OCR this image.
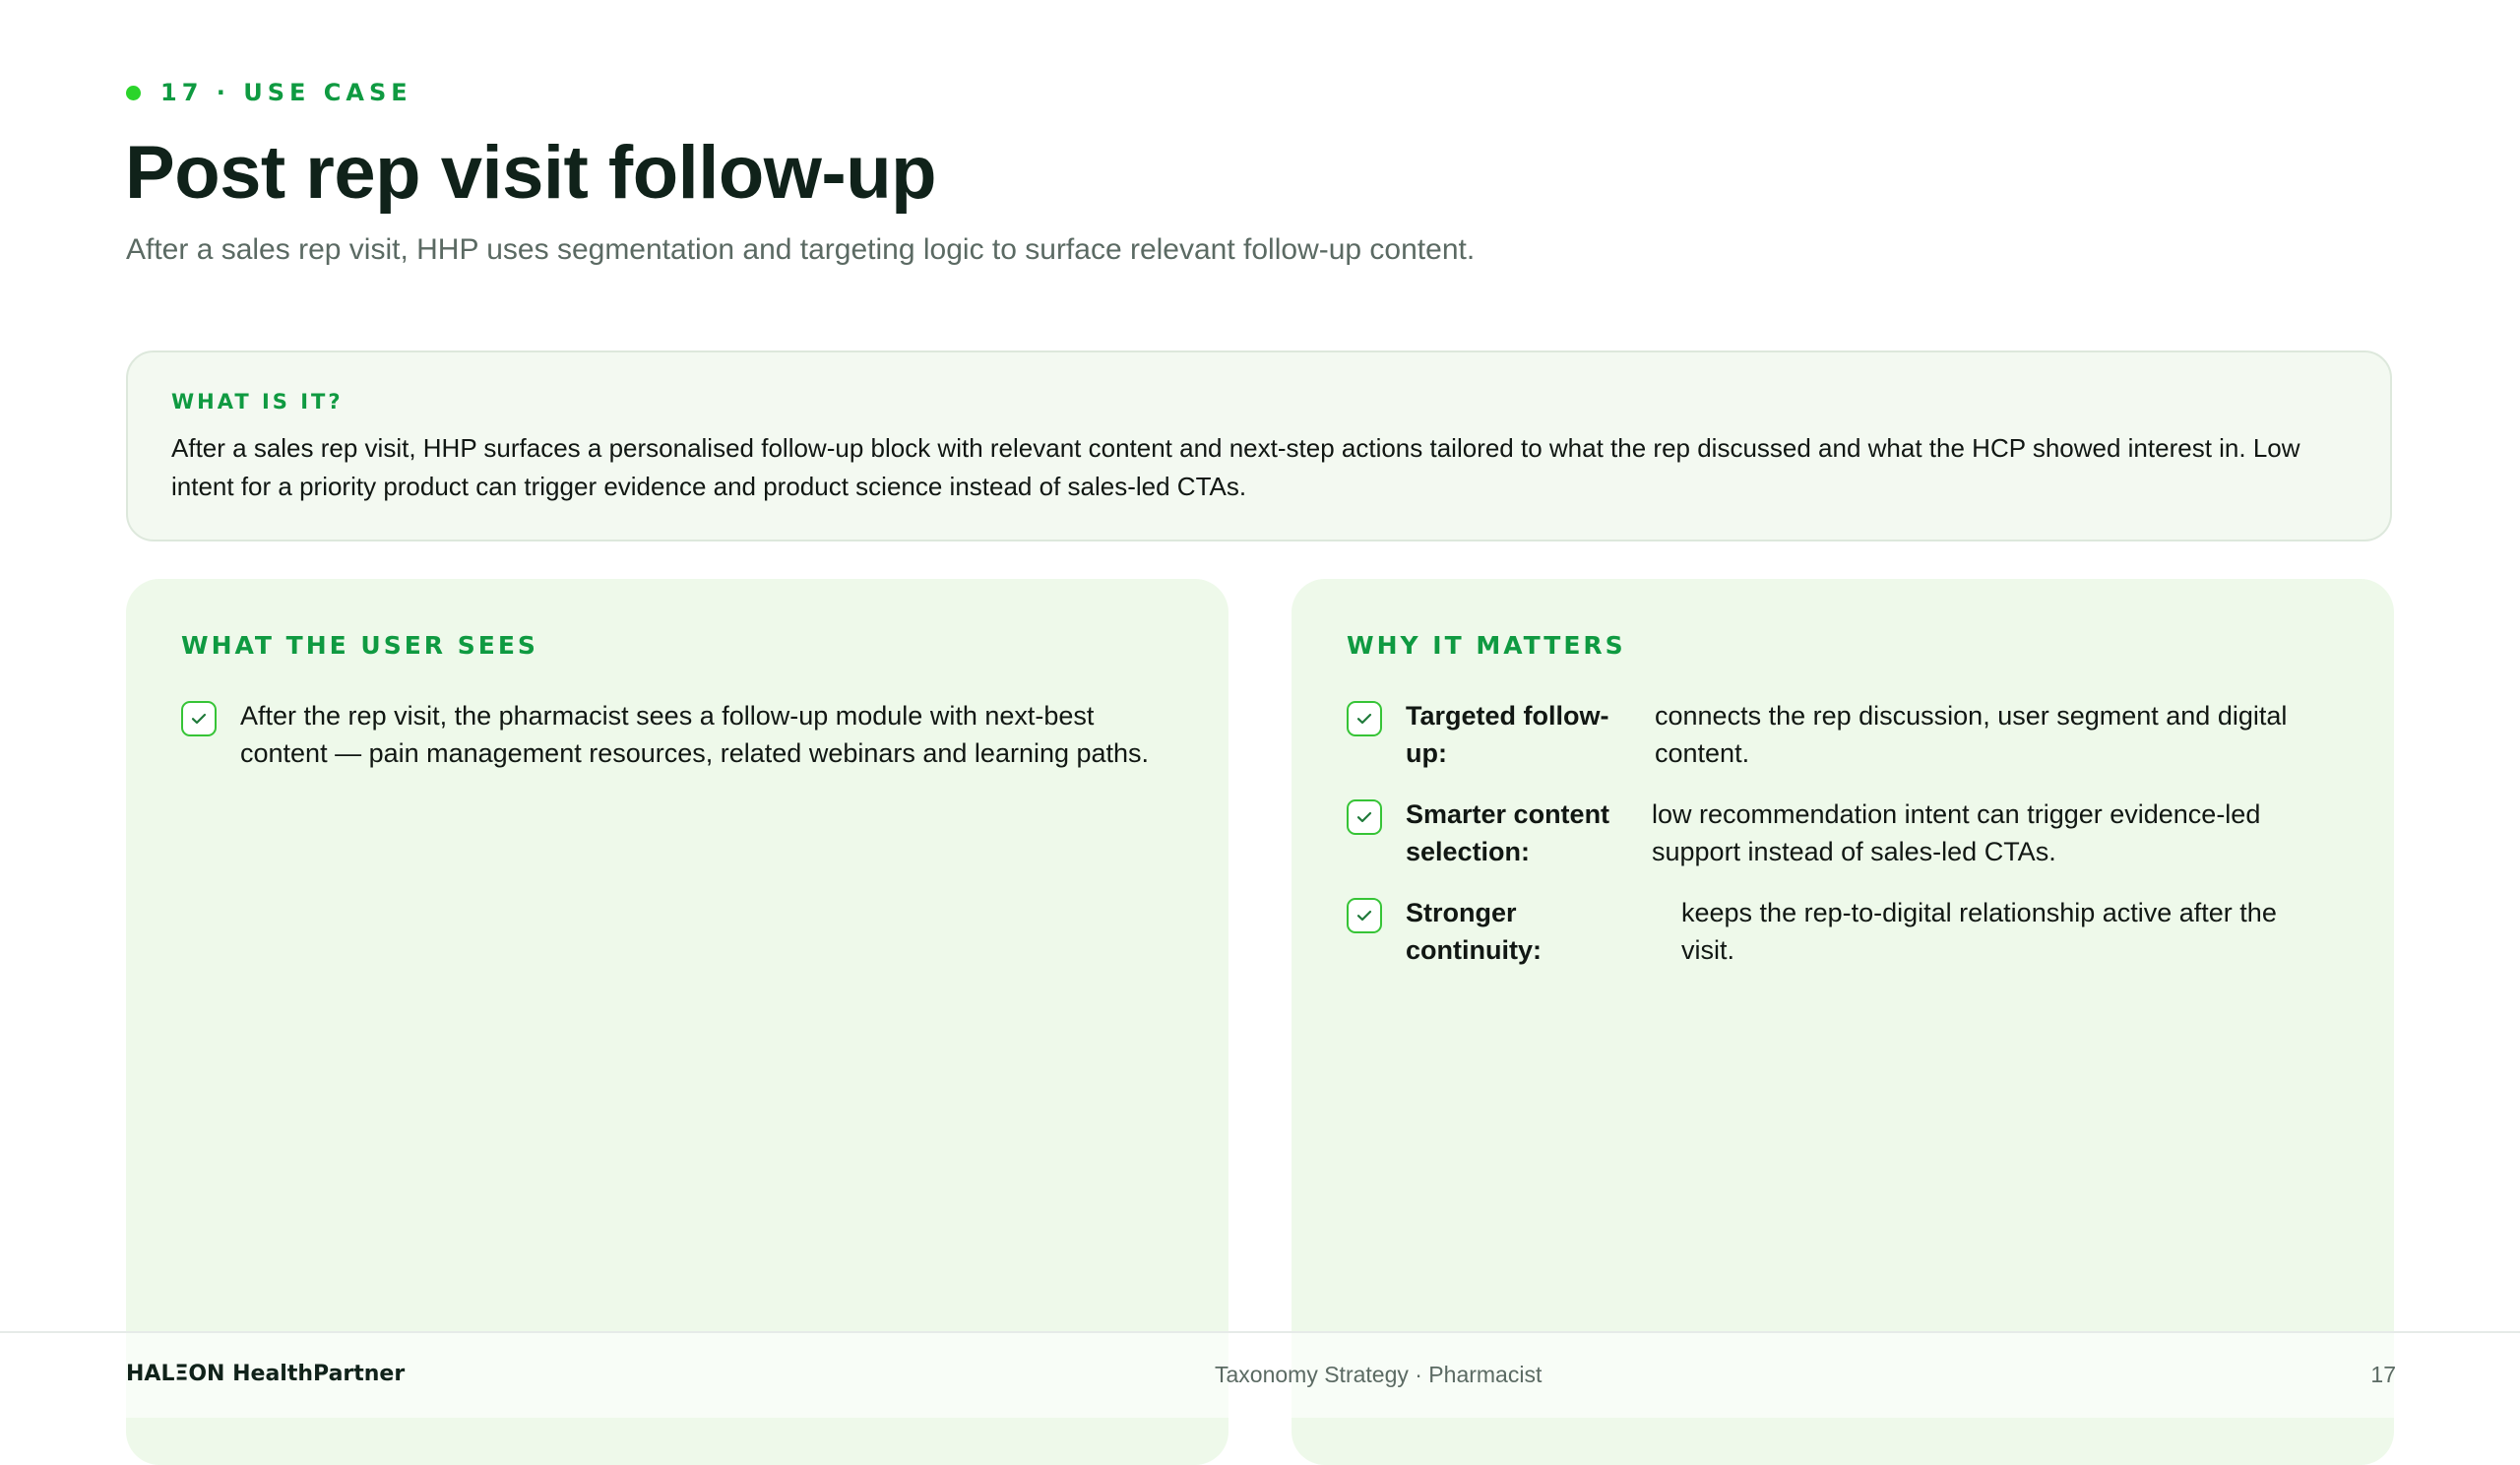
17 · USE CASE
Post rep visit follow-up
After a sales rep visit, HHP uses segmentation and targeting logic to surface relevant follow-up content.
WHAT IS IT?
After a sales rep visit, HHP surfaces a personalised follow-up block with relevant content and next-step actions tailored to what the rep discussed and what the HCP showed interest in. Low intent for a priority product can trigger evidence and product science instead of sales-led CTAs.
WHAT THE USER SEES
After the rep visit, the pharmacist sees a follow-up module with next-best content — pain management resources, related webinars and learning paths.
WHY IT MATTERS
Targeted follow-up:
connects the rep discussion, user segment and digital content.
Smarter content selection:
low recommendation intent can trigger evidence-led support instead of sales-led CTAs.
Stronger continuity:
keeps the rep-to-digital relationship active after the visit.
HALΞON HealthPartner	Taxonomy Strategy · Pharmacist	17
